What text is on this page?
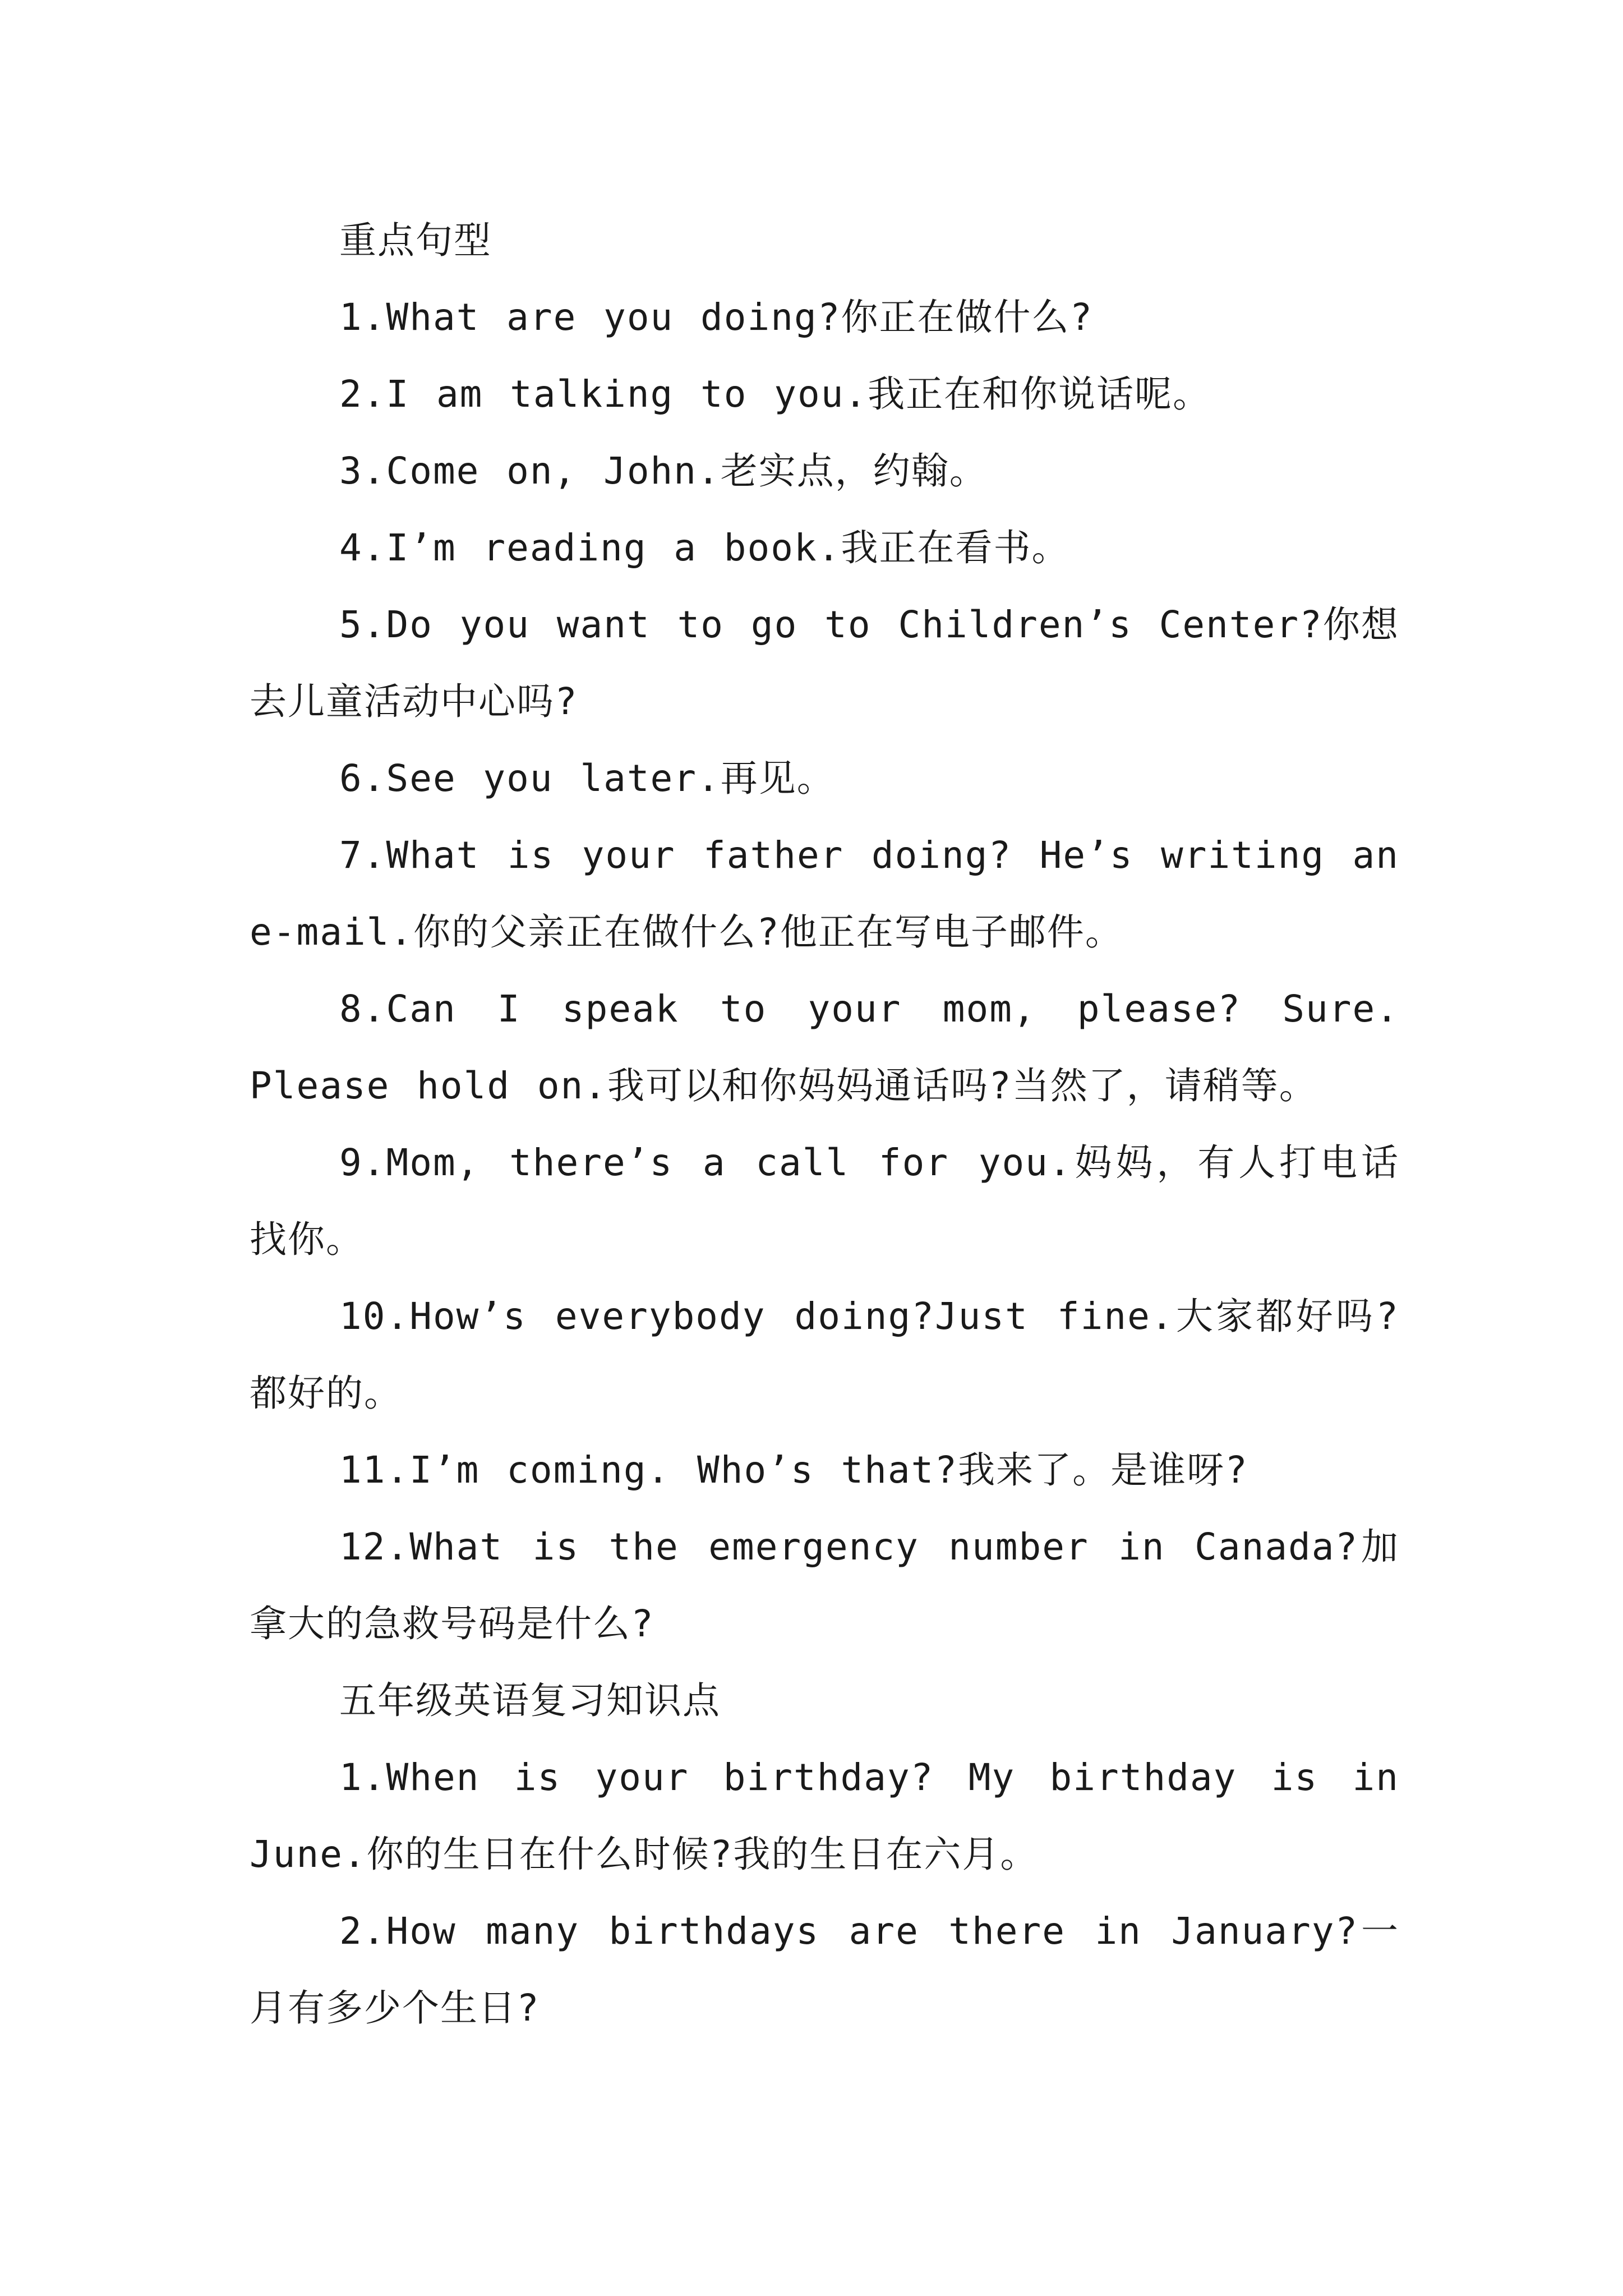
重点句型

1.What are you doing?你正在做什么?

2.I am talking to you.我正在和你说话呢。

3.Come on, John.老实点，约翰。

4.I’m reading a book.我正在看书。

5.Do you want to go to Children’s Center?你想去儿童活动中心吗?

6.See you later.再见。

7.What is your father doing? He’s writing an e-mail.你的父亲正在做什么?他正在写电子邮件。

8.Can I speak to your mom, please? Sure. Please hold on.我可以和你妈妈通话吗?当然了，请稍等。

9.Mom, there’s a call for you.妈妈，有人打电话找你。

10.How’s everybody doing?Just fine.大家都好吗?都好的。

11.I’m coming. Who’s that?我来了。是谁呀?

12.What is the emergency number in Canada?加拿大的急救号码是什么?

五年级英语复习知识点

1.When is your birthday? My birthday is in June.你的生日在什么时候?我的生日在六月。

2.How many birthdays are there in January?一月有多少个生日?
